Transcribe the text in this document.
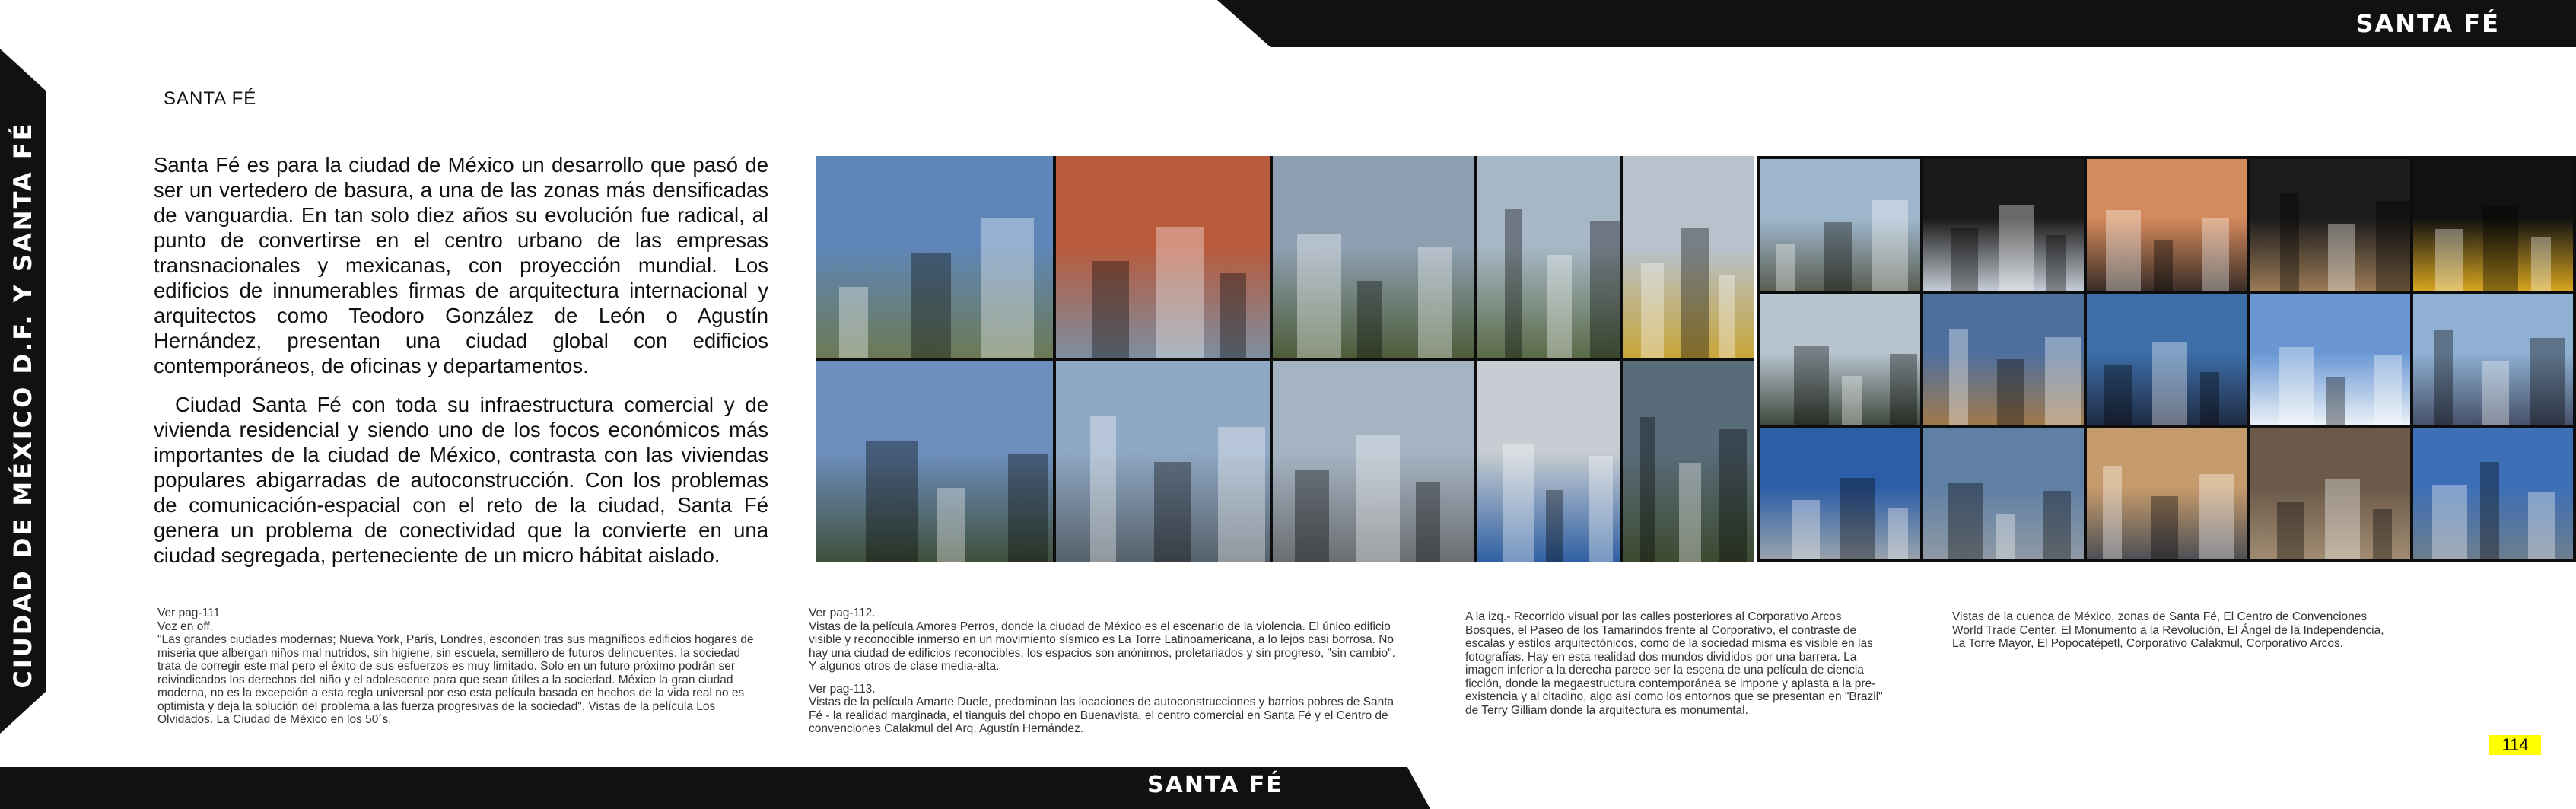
SANTA FÉ
CIUDAD DE MÉXICO D.F. Y SANTA FÉ
SANTA FÉ
SANTA FÉ

Santa Fé es para la ciudad de México un desarrollo que pasó de ser un vertedero de basura, a una de las zonas más densificadas de vanguardia. En tan solo diez años su evolución fue radical, al punto de convertirse en el centro urbano de las empresas transnacionales y mexicanas, con proyección mundial. Los edificios de innumerables firmas de arquitectura internacional y arquitectos como Teodoro González de León o Agustín Hernández, presentan una ciudad global con edificios contemporáneos, de oficinas y departamentos.

Ciudad Santa Fé con toda su infraestructura comercial y de vivienda residencial y siendo uno de los focos económicos más importantes de la ciudad de México, contrasta con las viviendas populares abigarradas de autoconstrucción. Con los problemas de comunicación-espacial con el reto de la ciudad, Santa Fé genera un problema de conectividad que la convierte en una ciudad segregada, perteneciente de un micro hábitat aislado.

Ver pag-111
Voz en off.
"Las grandes ciudades modernas; Nueva York, París, Londres, esconden tras sus magníficos edificios hogares de miseria que albergan niños mal nutridos, sin higiene, sin escuela, semillero de futuros delincuentes. la sociedad trata de corregir este mal pero el éxito de sus esfuerzos es muy limitado. Solo en un futuro próximo podrán ser reivindicados los derechos del niño y el adolescente para que sean útiles a la sociedad. México la gran ciudad moderna, no es la excepción a esta regla universal por eso esta película basada en hechos de la vida real no es optimista y deja la solución del problema a las fuerza progresivas de la sociedad". Vistas de la película Los Olvidados. La Ciudad de México en los 50´s.
Ver pag-112.
Vistas de la película Amores Perros, donde la ciudad de México es el escenario de la violencia. El único edificio visible y reconocible inmerso en un movimiento sísmico es La Torre Latinoamericana, a lo lejos casi borrosa. No hay una ciudad de edificios reconocibles, los espacios son anónimos, proletariados y sin progreso, "sin cambio". Y algunos otros de clase media-alta.
Ver pag-113.
Vistas de la película Amarte Duele, predominan las locaciones de autoconstrucciones y barrios pobres de Santa Fé - la realidad marginada, el tianguis del chopo en Buenavista, el centro comercial en Santa Fé y el Centro de convenciones Calakmul del Arq. Agustín Hernández.
A la izq.- Recorrido visual por las calles posteriores al Corporativo Arcos Bosques, el Paseo de los Tamarindos frente al Corporativo, el contraste de escalas y estilos arquitectónicos, como de la sociedad misma es visible en las fotografías. Hay en esta realidad dos mundos divididos por una barrera. La imagen inferior a la derecha parece ser la escena de una película de ciencia ficción, donde la megaestructura contemporánea se impone y aplasta a la pre-existencia y al citadino, algo así como los entornos que se presentan en "Brazil" de Terry Gilliam donde la arquitectura es monumental.
Vistas de la cuenca de México, zonas de Santa Fé, El Centro de Convenciones World Trade Center, El Monumento a la Revolución, El Ángel de la Independencia, La Torre Mayor, El Popocatépetl, Corporativo Calakmul, Corporativo Arcos.
114
